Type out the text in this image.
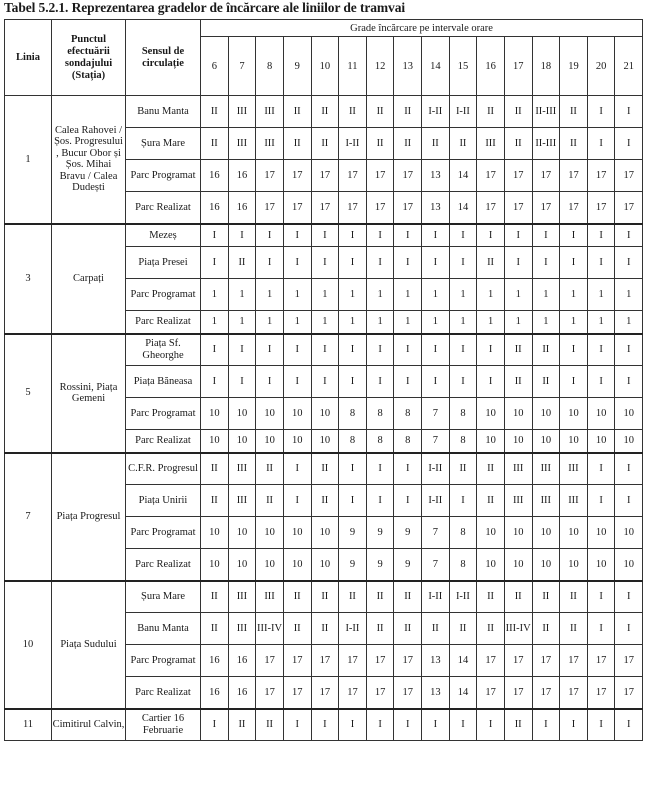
Tabel 5.2.1. Reprezentarea gradelor de încărcare ale liniilor de tramvai
Linia	Punctul efectuării sondajului (Stația)	Sensul de circulație	Grade încărcare pe intervale orare															
			6	7	8	9	10	11	12	13	14	15	16	17	18	19	20	21
1	Calea Rahovei / Șos. Progresului , Bucur Obor și Șos. Mihai Bravu / Calea Dudești	Banu Manta	II	III	III	II	II	II	II	II	I-II	I-II	II	II	II-III	II	I	I
		Șura Mare	II	III	III	II	II	I-II	II	II	II	II	III	II	II-III	II	I	I
		Parc Programat	16	16	17	17	17	17	17	17	13	14	17	17	17	17	17	17
		Parc Realizat	16	16	17	17	17	17	17	17	13	14	17	17	17	17	17	17
3	Carpați	Mezeș	I	I	I	I	I	I	I	I	I	I	I	I	I	I	I	I
		Piața Presei	I	II	I	I	I	I	I	I	I	I	II	I	I	I	I	I
		Parc Programat	1	1	1	1	1	1	1	1	1	1	1	1	1	1	1	1
		Parc Realizat	1	1	1	1	1	1	1	1	1	1	1	1	1	1	1	1
5	Rossini, Piața Gemeni	Piața Sf. Gheorghe	I	I	I	I	I	I	I	I	I	I	I	II	II	I	I	I
		Piața Băneasa	I	I	I	I	I	I	I	I	I	I	I	II	II	I	I	I
		Parc Programat	10	10	10	10	10	8	8	8	7	8	10	10	10	10	10	10
		Parc Realizat	10	10	10	10	10	8	8	8	7	8	10	10	10	10	10	10
7	Piața Progresul	C.F.R. Progresul	II	III	II	I	II	I	I	I	I-II	II	II	III	III	III	I	I
		Piața Unirii	II	III	II	I	II	I	I	I	I-II	I	II	III	III	III	I	I
		Parc Programat	10	10	10	10	10	9	9	9	7	8	10	10	10	10	10	10
		Parc Realizat	10	10	10	10	10	9	9	9	7	8	10	10	10	10	10	10
10	Piața Sudului	Șura Mare	II	III	III	II	II	II	II	II	I-II	I-II	II	II	II	II	I	I
		Banu Manta	II	III	III-IV	II	II	I-II	II	II	II	II	II	III-IV	II	II	I	I
		Parc Programat	16	16	17	17	17	17	17	17	13	14	17	17	17	17	17	17
		Parc Realizat	16	16	17	17	17	17	17	17	13	14	17	17	17	17	17	17
11	Cimitirul Calvin,	Cartier 16 Februarie	I	II	II	I	I	I	I	I	I	I	I	II	I	I	I	I
